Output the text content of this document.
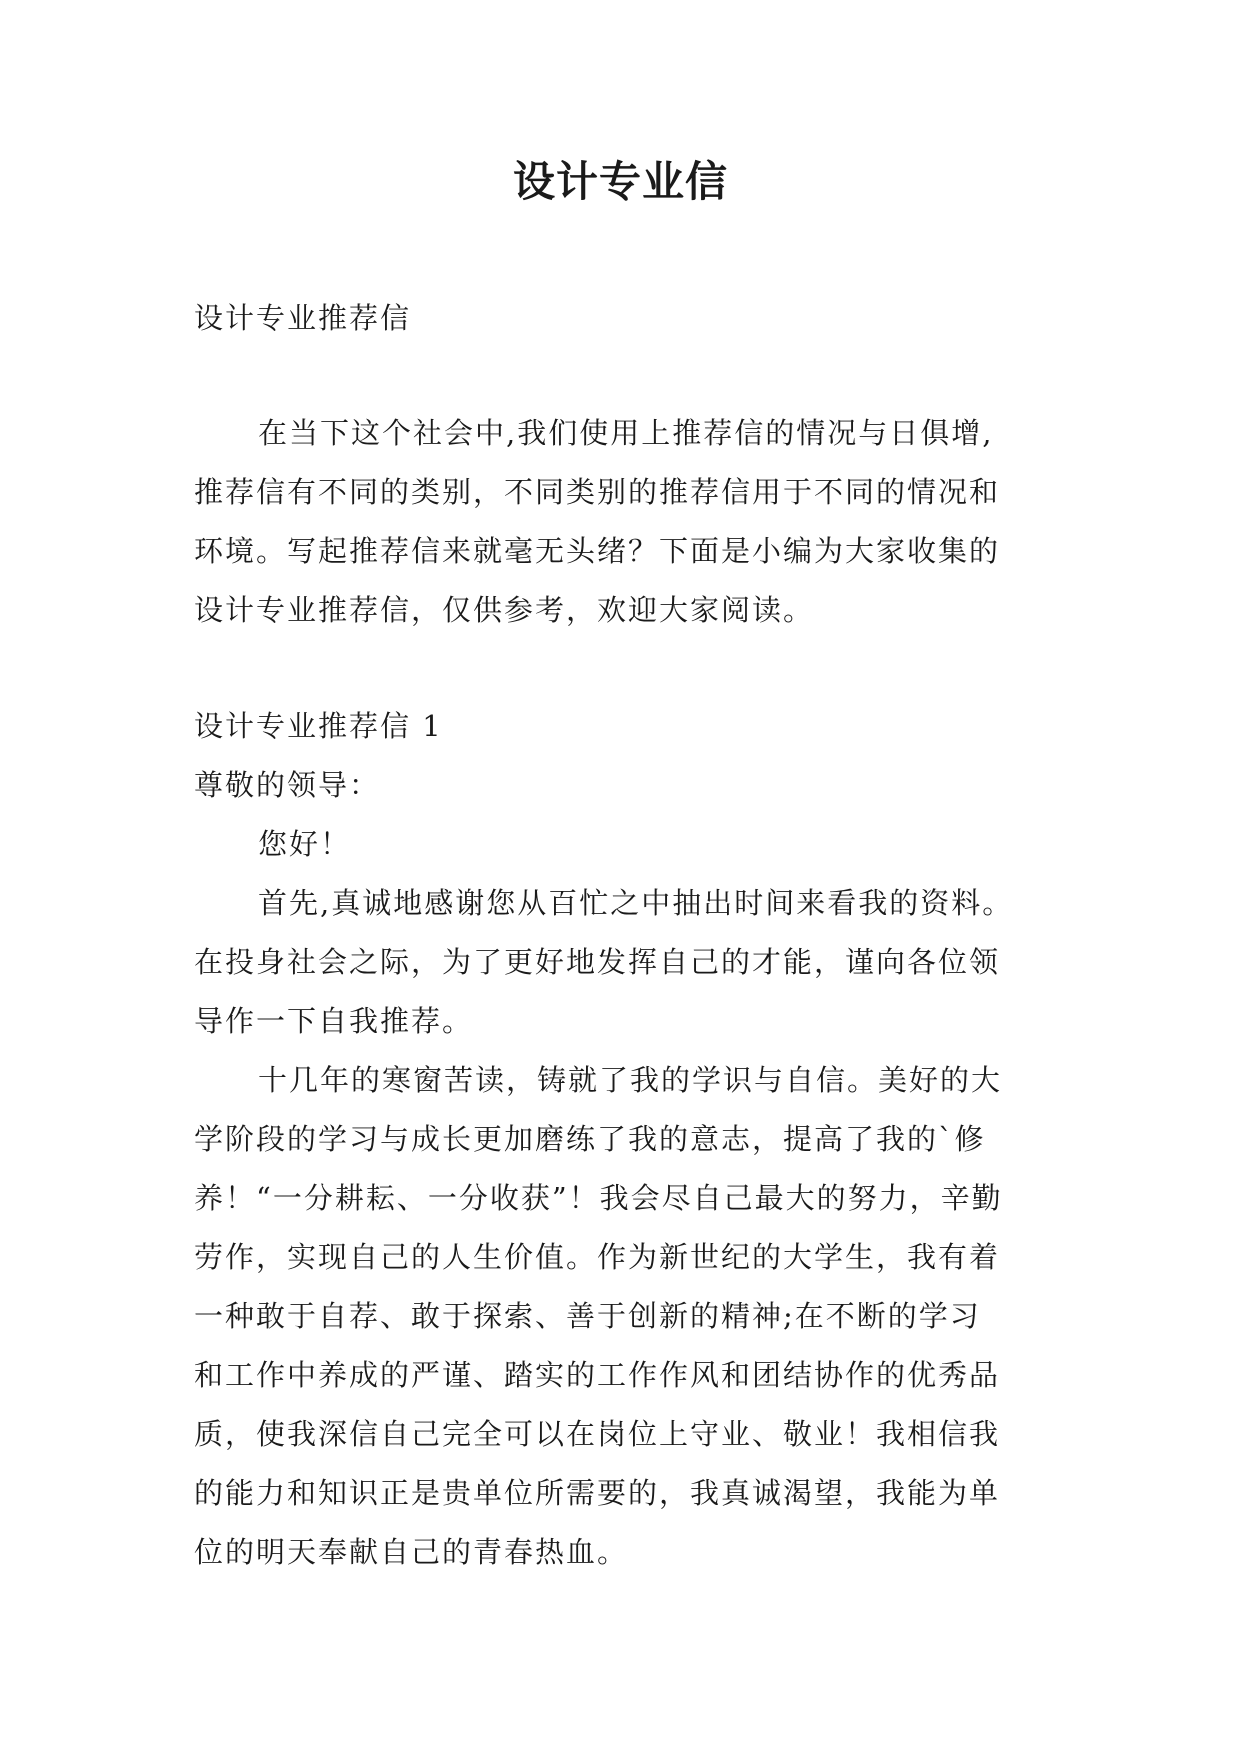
设计专业信
设计专业推荐信
在当下这个社会中,我们使用上推荐信的情况与日俱增,
推荐信有不同的类别，不同类别的推荐信用于不同的情况和
环境。写起推荐信来就毫无头绪？下面是小编为大家收集的
设计专业推荐信，仅供参考，欢迎大家阅读。
设计专业推荐信 1
尊敬的领导：
您好！
首先,真诚地感谢您从百忙之中抽出时间来看我的资料。
在投身社会之际，为了更好地发挥自己的才能，谨向各位领
导作一下自我推荐。
十几年的寒窗苦读，铸就了我的学识与自信。美好的大
学阶段的学习与成长更加磨练了我的意志，提高了我的`修
养！“一分耕耘、一分收获”！我会尽自己最大的努力，辛勤
劳作，实现自己的人生价值。作为新世纪的大学生，我有着
一种敢于自荐、敢于探索、善于创新的精神;在不断的学习
和工作中养成的严谨、踏实的工作作风和团结协作的优秀品
质，使我深信自己完全可以在岗位上守业、敬业！我相信我
的能力和知识正是贵单位所需要的，我真诚渴望，我能为单
位的明天奉献自己的青春热血。
